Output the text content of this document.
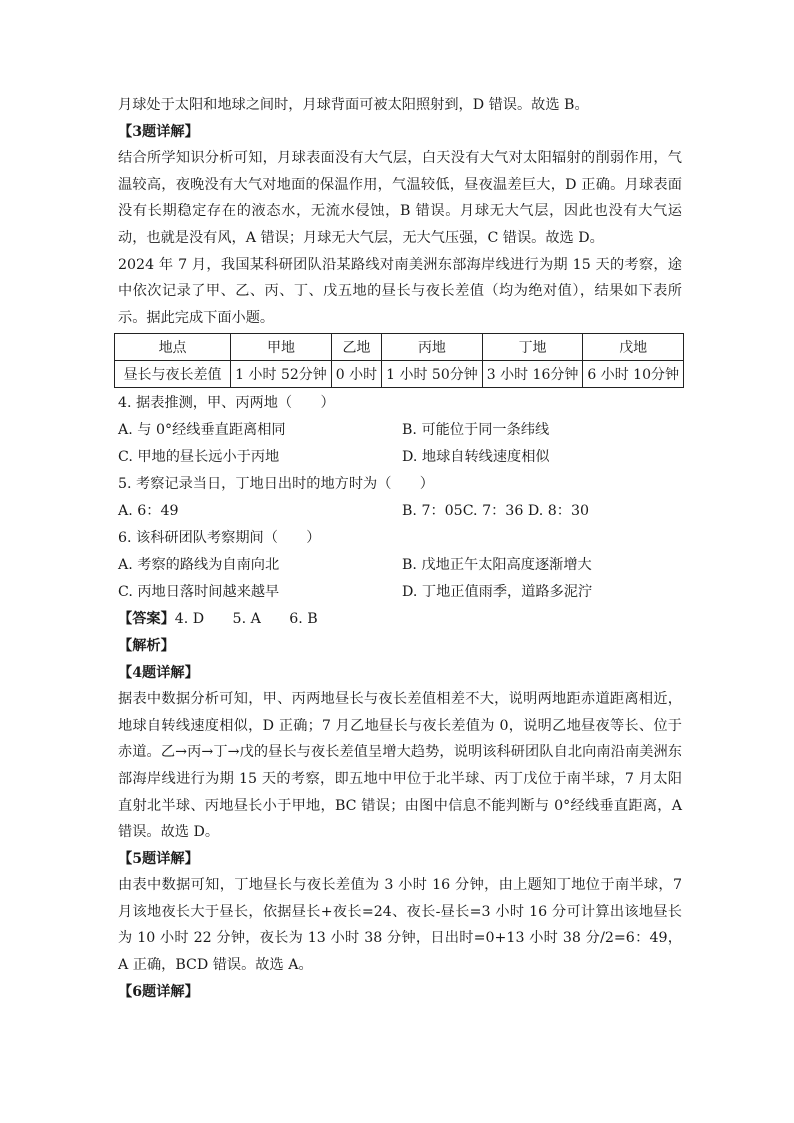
月球处于太阳和地球之间时，月球背面可被太阳照射到，D 错误。故选 B。

【3题详解】

结合所学知识分析可知，月球表面没有大气层，白天没有大气对太阳辐射的削弱作用，气温较高，夜晚没有大气对地面的保温作用，气温较低，昼夜温差巨大，D 正确。月球表面没有长期稳定存在的液态水，无流水侵蚀，B 错误。月球无大气层，因此也没有大气运动，也就是没有风，A 错误；月球无大气层，无大气压强，C 错误。故选 D。

2024 年 7 月，我国某科研团队沿某路线对南美洲东部海岸线进行为期 15 天的考察，途中依次记录了甲、乙、丙、丁、戊五地的昼长与夜长差值（均为绝对值），结果如下表所示。据此完成下面小题。

地点	甲地	乙地	丙地	丁地	戊地
昼长与夜长差值	1 小时 52分钟	0 小时	1 小时 50分钟	3 小时 16分钟	6 小时 10分钟
4. 据表推测，甲、丙两地（　　）
A. 与 0°经线垂直距离相同	B. 可能位于同一条纬线
C. 甲地的昼长远小于丙地	D. 地球自转线速度相似
5. 考察记录当日，丁地日出时的地方时为（　　）
A. 6：49	B. 7：05C. 7：36 D. 8：30
6. 该科研团队考察期间（　　）
A. 考察的路线为自南向北	B. 戊地正午太阳高度逐渐增大
C. 丙地日落时间越来越早	D. 丁地正值雨季，道路多泥泞

【答案】4. D　　5. A　　6. B

【解析】

【4题详解】

据表中数据分析可知，甲、丙两地昼长与夜长差值相差不大，说明两地距赤道距离相近，地球自转线速度相似，D 正确；7 月乙地昼长与夜长差值为 0，说明乙地昼夜等长、位于赤道。乙→丙→丁→戊的昼长与夜长差值呈增大趋势，说明该科研团队自北向南沿南美洲东部海岸线进行为期 15 天的考察，即五地中甲位于北半球、丙丁戊位于南半球，7 月太阳直射北半球、丙地昼长小于甲地，BC 错误；由图中信息不能判断与 0°经线垂直距离，A 错误。故选 D。

【5题详解】

由表中数据可知，丁地昼长与夜长差值为 3 小时 16 分钟，由上题知丁地位于南半球，7 月该地夜长大于昼长，依据昼长+夜长=24、夜长-昼长=3 小时 16 分可计算出该地昼长为 10 小时 22 分钟，夜长为 13 小时 38 分钟，日出时=0+13 小时 38 分/2=6：49，A 正确，BCD 错误。故选 A。

【6题详解】
